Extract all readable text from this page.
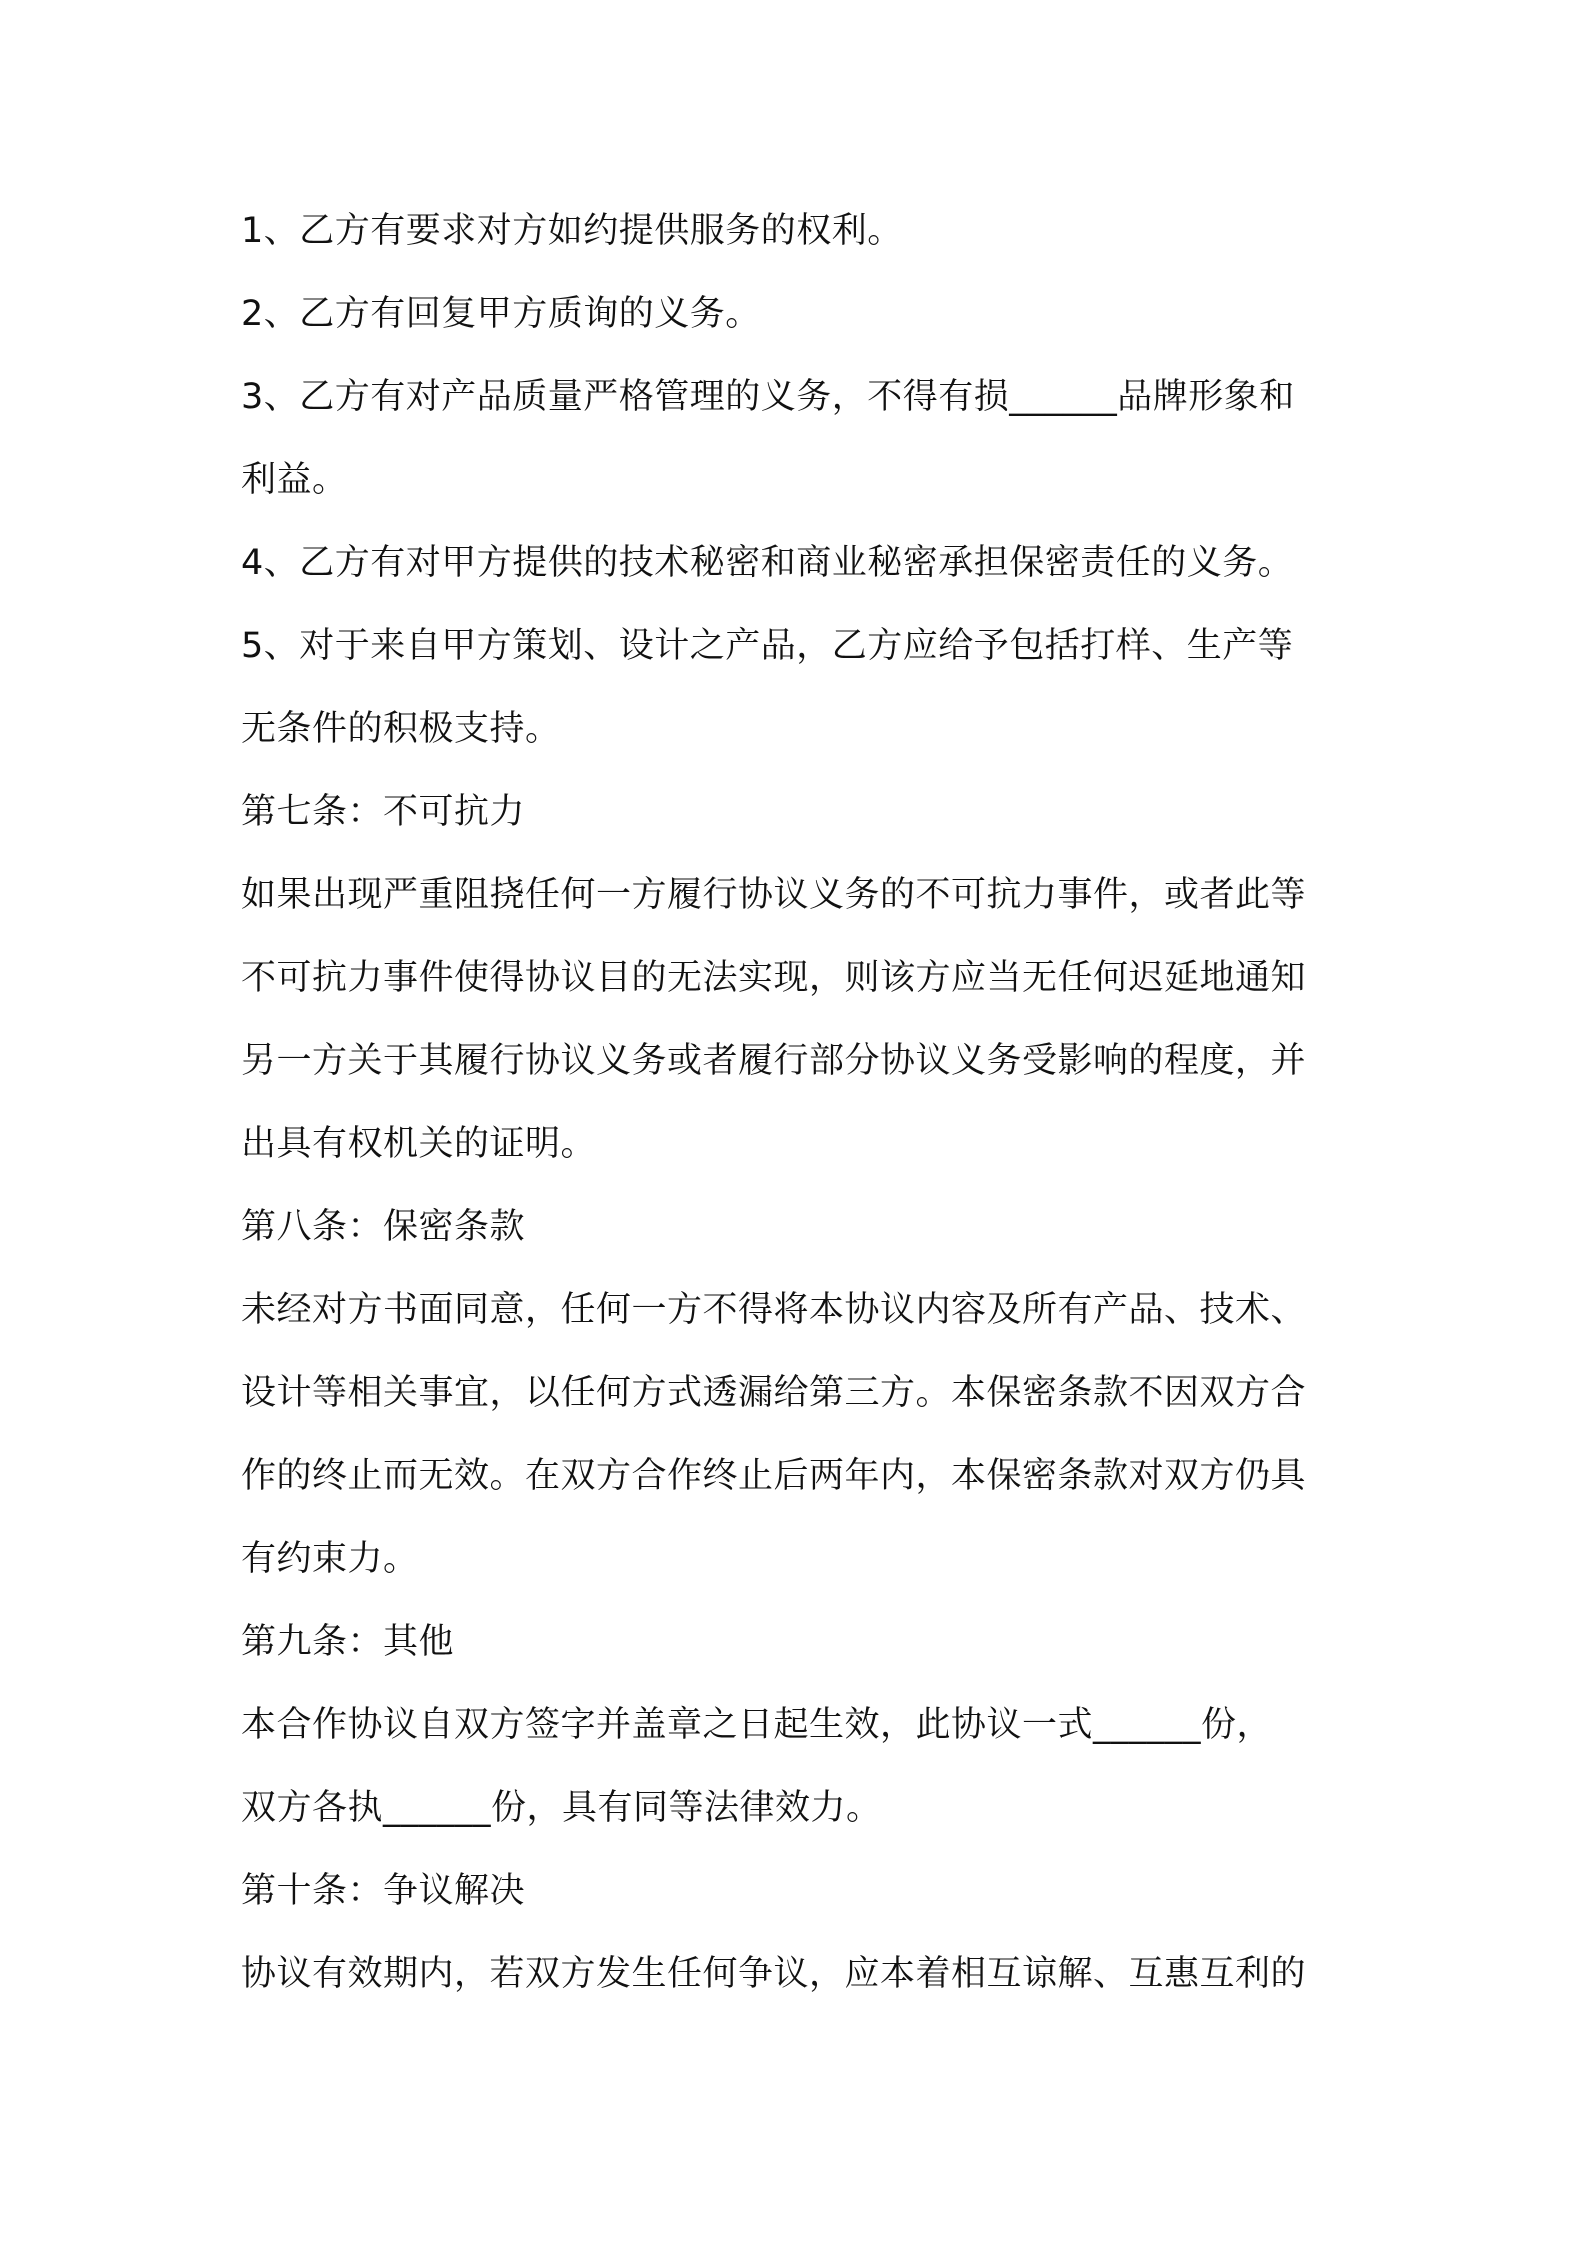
1、乙方有要求对方如约提供服务的权利。
2、乙方有回复甲方质询的义务。
3、乙方有对产品质量严格管理的义务，不得有损______品牌形象和
利益。
4、乙方有对甲方提供的技术秘密和商业秘密承担保密责任的义务。
5、对于来自甲方策划、设计之产品，乙方应给予包括打样、生产等
无条件的积极支持。
第七条：不可抗力
如果出现严重阻挠任何一方履行协议义务的不可抗力事件，或者此等
不可抗力事件使得协议目的无法实现，则该方应当无任何迟延地通知
另一方关于其履行协议义务或者履行部分协议义务受影响的程度，并
出具有权机关的证明。
第八条：保密条款
未经对方书面同意，任何一方不得将本协议内容及所有产品、技术、
设计等相关事宜，以任何方式透漏给第三方。本保密条款不因双方合
作的终止而无效。在双方合作终止后两年内，本保密条款对双方仍具
有约束力。
第九条：其他
本合作协议自双方签字并盖章之日起生效，此协议一式______份，
双方各执______份，具有同等法律效力。
第十条：争议解决
协议有效期内，若双方发生任何争议，应本着相互谅解、互惠互利的
